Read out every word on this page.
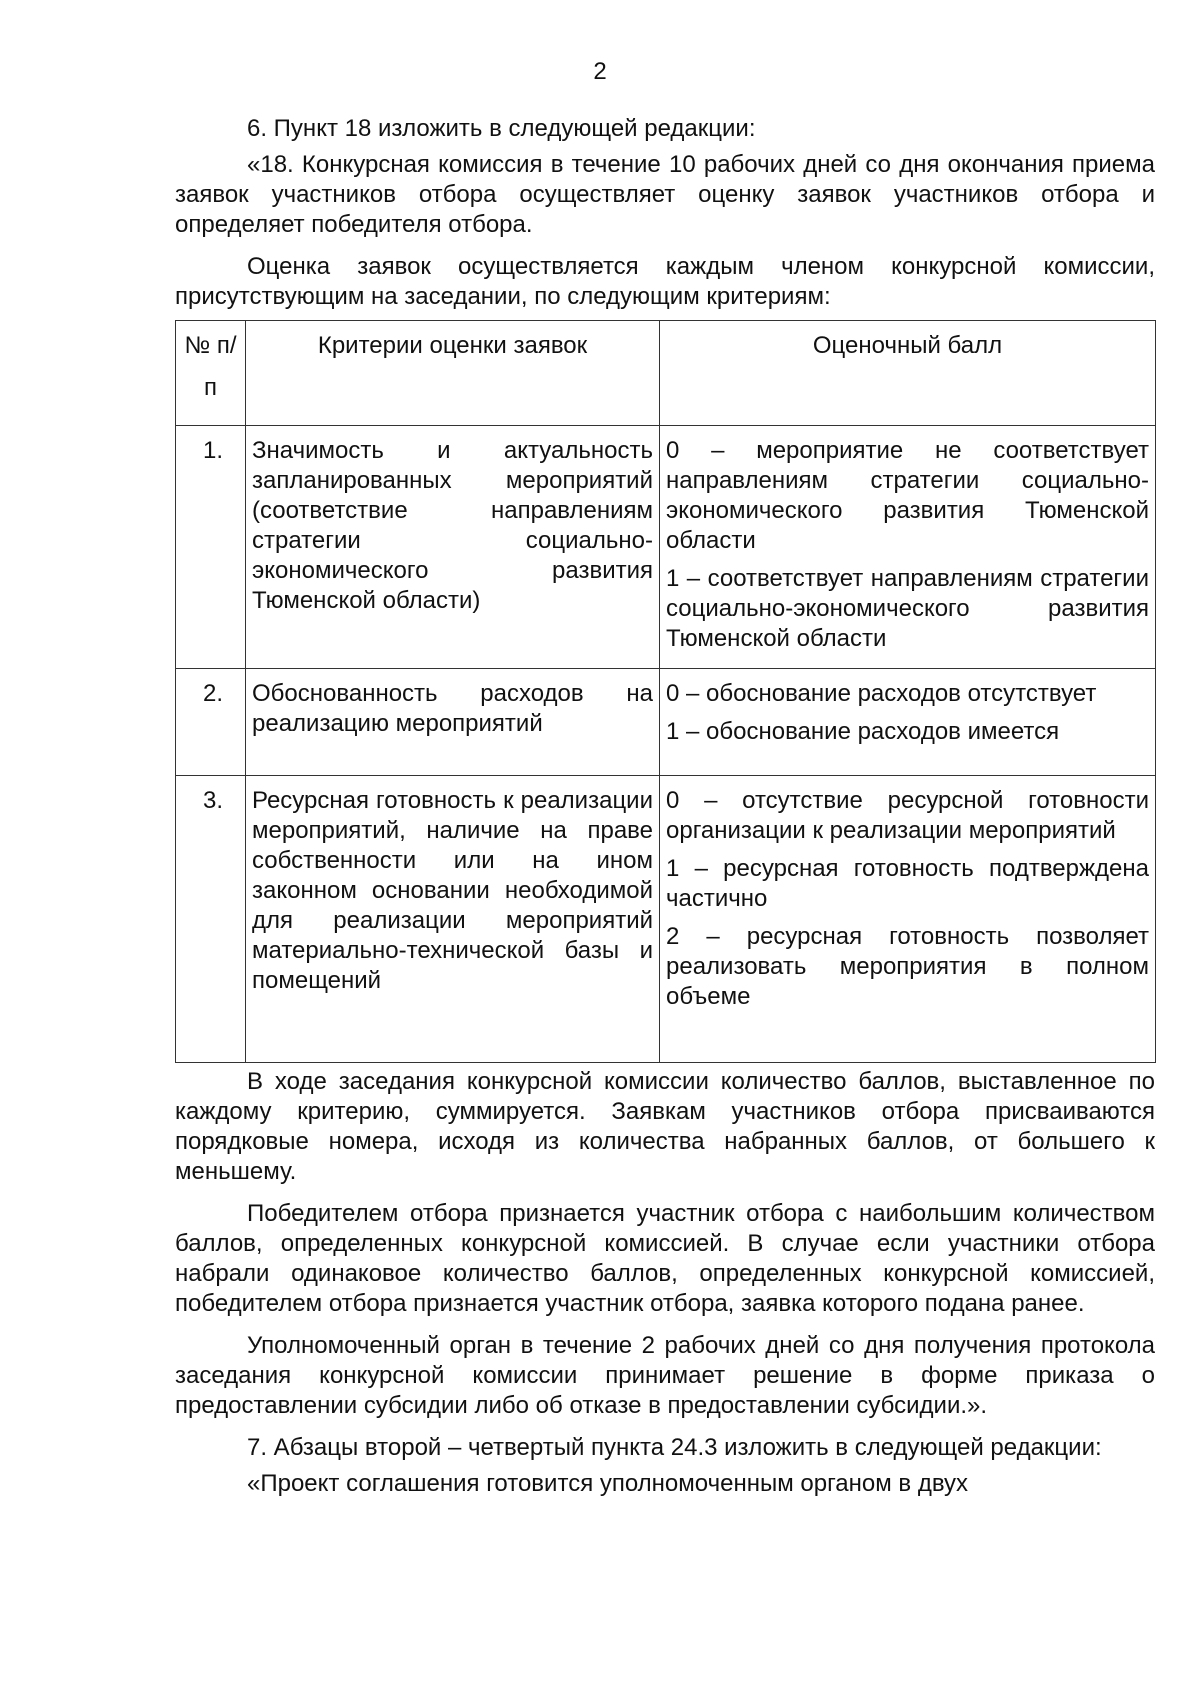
2

6. Пункт 18 изложить в следующей редакции:

«18. Конкурсная комиссия в течение 10 рабочих дней со дня окончания приема заявок участников отбора осуществляет оценку заявок участников отбора и определяет победителя отбора.

Оценка заявок осуществляется каждым членом конкурсной комиссии, присутствующим на заседании, по следующим критериям:

№ п/п	Критерии оценки заявок	Оценочный балл
1.	Значимость и актуальность запланированных мероприятий (соответствие направлениям стратегии социально-экономического развития Тюменской области)	0 – мероприятие не соответствует направлениям стратегии социально-экономического развития Тюменской области
1 – соответствует направлениям стратегии социально-экономического развития Тюменской области

2.	Обоснованность расходов на реализацию мероприятий	0 – обоснование расходов отсутствует
1 – обоснование расходов имеется

3.	Ресурсная готовность к реализации мероприятий, наличие на праве собственности или на ином законном основании необходимой для реализации мероприятий материально-технической базы и помещений	0 – отсутствие ресурсной готовности организации к реализации мероприятий
1 – ресурсная готовность подтверждена частично
2 – ресурсная готовность позволяет реализовать мероприятия в полном объеме

В ходе заседания конкурсной комиссии количество баллов, выставленное по каждому критерию, суммируется. Заявкам участников отбора присваиваются порядковые номера, исходя из количества набранных баллов, от большего к меньшему.

Победителем отбора признается участник отбора с наибольшим количеством баллов, определенных конкурсной комиссией. В случае если участники отбора набрали одинаковое количество баллов, определенных конкурсной комиссией, победителем отбора признается участник отбора, заявка которого подана ранее.

Уполномоченный орган в течение 2 рабочих дней со дня получения протокола заседания конкурсной комиссии принимает решение в форме приказа о предоставлении субсидии либо об отказе в предоставлении субсидии.».

7. Абзацы второй – четвертый пункта 24.3 изложить в следующей редакции:

«Проект соглашения готовится уполномоченным органом в двух
